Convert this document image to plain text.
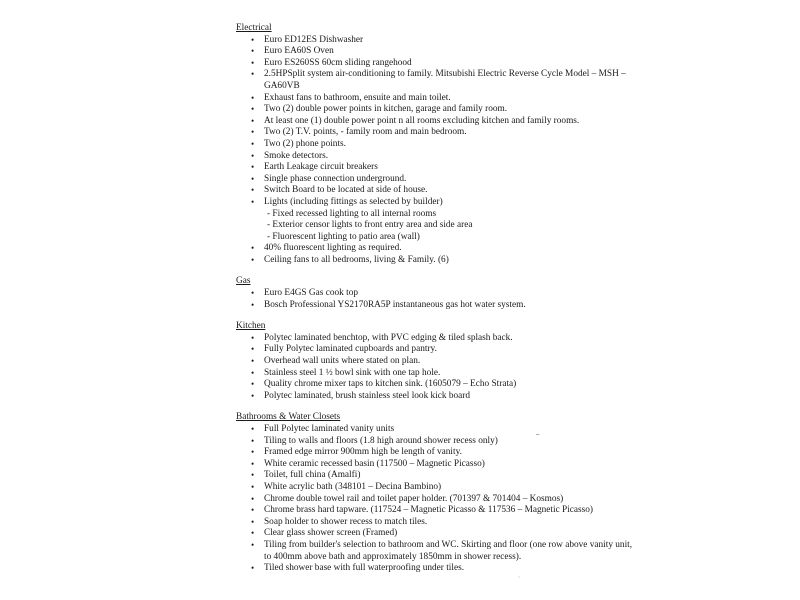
Electrical
• Euro ED12ES Dishwasher
• Euro EA60S Oven
• Euro ES260SS 60cm sliding rangehood
• 2.5HPSplit system air-conditioning to family. Mitsubishi Electric Reverse Cycle Model – MSH – GA60VB
• Exhaust fans to bathroom, ensuite and main toilet.
• Two (2) double power points in kitchen, garage and family room.
• At least one (1) double power point n all rooms excluding kitchen and family rooms.
• Two (2) T.V. points, - family room and main bedroom.
• Two (2) phone points.
• Smoke detectors.
• Earth Leakage circuit breakers
• Single phase connection underground.
• Switch Board to be located at side of house.
• Lights (including fittings as selected by builder)
- Fixed recessed lighting to all internal rooms
- Exterior censor lights to front entry area and side area
- Fluorescent lighting to patio area (wall)
• 40% fluorescent lighting as required.
• Ceiling fans to all bedrooms, living & Family. (6)
Gas
• Euro E4GS Gas cook top
• Bosch Professional YS2170RA5P instantaneous gas hot water system.
Kitchen
• Polytec laminated benchtop, with PVC edging & tiled splash back.
• Fully Polytec laminated cupboards and pantry.
• Overhead wall units where stated on plan.
• Stainless steel 1 ½ bowl sink with one tap hole.
• Quality chrome mixer taps to kitchen sink. (1605079 – Echo Strata)
• Polytec laminated, brush stainless steel look kick board
Bathrooms & Water Closets
• Full Polytec laminated vanity units
• Tiling to walls and floors (1.8 high around shower recess only)
• Framed edge mirror 900mm high be length of vanity.
• White ceramic recessed basin (117500 – Magnetic Picasso)
• Toilet, full china (Amalfi)
• White acrylic bath (348101 – Decina Bambino)
• Chrome double towel rail and toilet paper holder. (701397 & 701404 – Kosmos)
• Chrome brass hard tapware. (117524 – Magnetic Picasso & 117536 – Magnetic Picasso)
• Soap holder to shower recess to match tiles.
• Clear glass shower screen (Framed)
• Tiling from builder's selection to bathroom and WC. Skirting and floor (one row above vanity unit, to 400mm above bath and approximately 1850mm in shower recess).
• Tiled shower base with full waterproofing under tiles.
–
ˌ
